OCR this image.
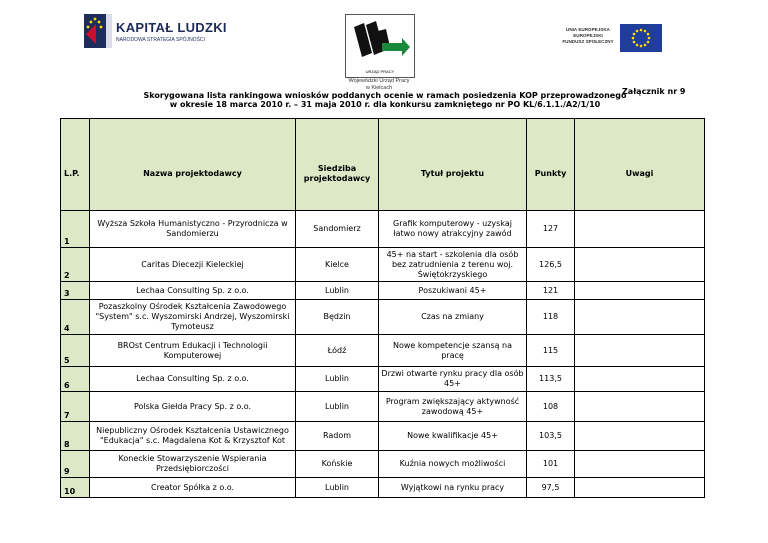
KAPITAŁ LUDZKI
NARODOWA STRATEGIA SPÓJNOŚCI
URZĄD PRACY
Wojewódzki Urząd Pracy
w Kielcach
UNIA EUROPEJSKA
EUROPEJSKI
FUNDUSZ SPOŁECZNY
Załącznik nr 9
Skorygowana lista rankingowa wniosków poddanych ocenie w ramach posiedzenia KOP przeprowadzonego
w okresie 18 marca 2010 r. – 31 maja 2010 r. dla konkursu zamkniętego nr PO KL/6.1.1./A2/1/10
L.P.	Nazwa projektodawcy	Siedziba projektodawcy	Tytuł projektu	Punkty	Uwagi
1	Wyższa Szkoła Humanistyczno - Przyrodnicza w Sandomierzu	Sandomierz	Grafik komputerowy - uzyskaj łatwo nowy atrakcyjny zawód	127	
2	Caritas Diecezji Kieleckiej	Kielce	45+ na start - szkolenia dla osób bez zatrudnienia z terenu woj. Świętokrzyskiego	126,5	
3	Lechaa Consulting Sp. z o.o.	Lublin	Poszukiwani 45+	121	
4	Pozaszkolny Ośrodek Kształcenia Zawodowego "System" s.c. Wyszomirski Andrzej, Wyszomirski Tymoteusz	Będzin	Czas na zmiany	118	
5	BROst Centrum Edukacji i Technologii Komputerowej	Łódź	Nowe kompetencje szansą na pracę	115	
6	Lechaa Consulting Sp. z o.o.	Lublin	Drzwi otwarte rynku pracy dla osób 45+	113,5	
7	Polska Giełda Pracy Sp. z o.o.	Lublin	Program zwiększający aktywność zawodową 45+	108	
8	Niepubliczny Ośrodek Kształcenia Ustawicznego "Edukacja" s.c. Magdalena Kot & Krzysztof Kot	Radom	Nowe kwalifikacje 45+	103,5	
9	Koneckie Stowarzyszenie Wspierania Przedsiębiorczości	Końskie	Kuźnia nowych możliwości	101	
10	Creator Spółka z o.o.	Lublin	Wyjątkowi na rynku pracy	97,5	
